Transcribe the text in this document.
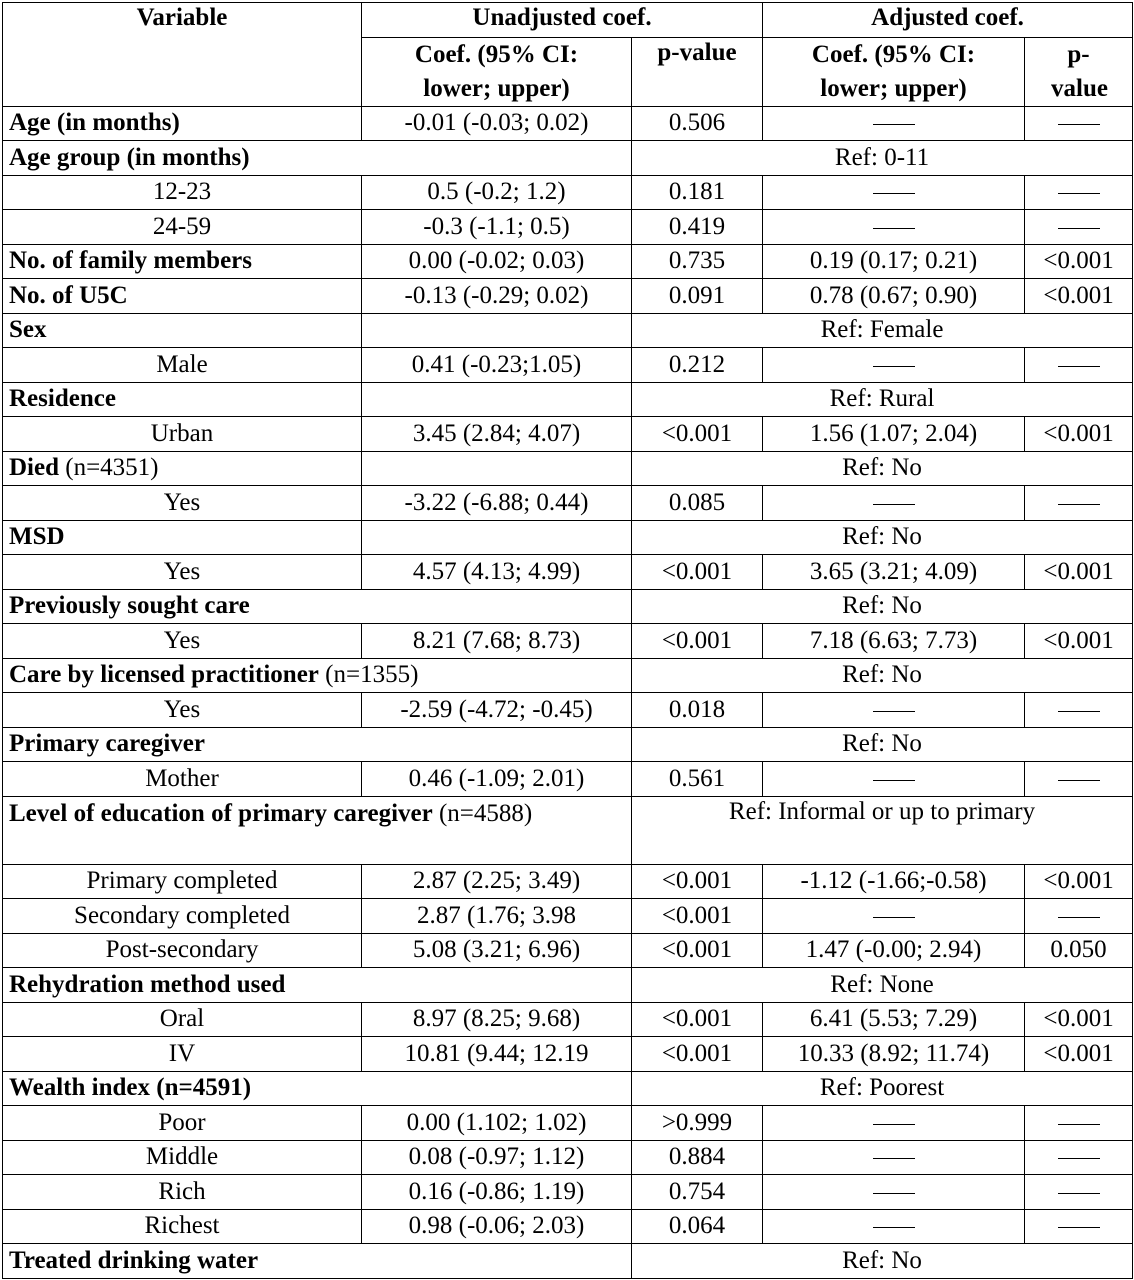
Variable	Unadjusted coef.		Adjusted coef.	
	Coef. (95% CI: lower; upper)	p-value	Coef. (95% CI: lower; upper)	p-value
Age (in months)	-0.01 (-0.03; 0.02)	0.506		
Age group (in months)		Ref: 0-11		
12-23	0.5 (-0.2; 1.2)	0.181		
24-59	-0.3 (-1.1; 0.5)	0.419		
No. of family members	0.00 (-0.02; 0.03)	0.735	0.19 (0.17; 0.21)	<0.001
No. of U5C	-0.13 (-0.29; 0.02)	0.091	0.78 (0.67; 0.90)	<0.001
Sex		Ref: Female		
Male	0.41 (-0.23;1.05)	0.212		
Residence		Ref: Rural		
Urban	3.45 (2.84; 4.07)	<0.001	1.56 (1.07; 2.04)	<0.001
Died (n=4351)		Ref: No		
Yes	-3.22 (-6.88; 0.44)	0.085		
MSD		Ref: No		
Yes	4.57 (4.13; 4.99)	<0.001	3.65 (3.21; 4.09)	<0.001
Previously sought care		Ref: No		
Yes	8.21 (7.68; 8.73)	<0.001	7.18 (6.63; 7.73)	<0.001
Care by licensed practitioner (n=1355)		Ref: No		
Yes	-2.59 (-4.72; -0.45)	0.018		
Primary caregiver		Ref: No		
Mother	0.46 (-1.09; 2.01)	0.561		
Level of education of primary caregiver (n=4588)		Ref: Informal or up to primary		
Primary completed	2.87 (2.25; 3.49)	<0.001	-1.12 (-1.66;-0.58)	<0.001
Secondary completed	2.87 (1.76; 3.98	<0.001		
Post-secondary	5.08 (3.21; 6.96)	<0.001	1.47 (-0.00; 2.94)	0.050
Rehydration method used		Ref: None		
Oral	8.97 (8.25; 9.68)	<0.001	6.41 (5.53; 7.29)	<0.001
IV	10.81 (9.44; 12.19	<0.001	10.33 (8.92; 11.74)	<0.001
Wealth index (n=4591)		Ref: Poorest		
Poor	0.00 (1.102; 1.02)	>0.999		
Middle	0.08 (-0.97; 1.12)	0.884		
Rich	0.16 (-0.86; 1.19)	0.754		
Richest	0.98 (-0.06; 2.03)	0.064		
Treated drinking water		Ref: No		
